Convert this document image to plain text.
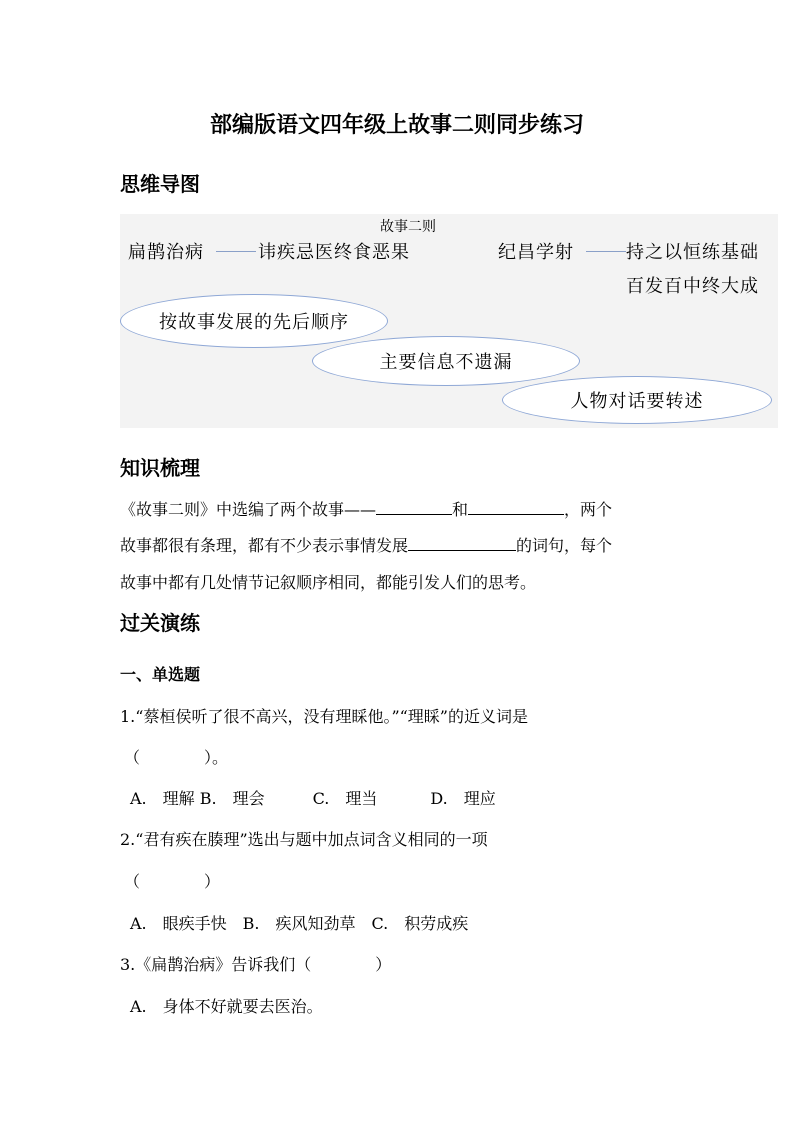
部编版语文四年级上故事二则同步练习
思维导图
故事二则
扁鹊治病	讳疾忌医终食恶果	纪昌学射	持之以恒练基础
百发百中终大成
按故事发展的先后顺序
主要信息不遗漏
人物对话要转述
知识梳理
《故事二则》中选编了两个故事——	和	，两个
故事都很有条理，都有不少表示事情发展	的词句，每个
故事中都有几处情节记叙顺序相同，都能引发人们的思考。
过关演练
一、单选题
1.“蔡桓侯听了很不高兴，没有理睬他。”“理睬”的近义词是
（　　　　）。
A.　理解 B.　理会　　　C.　理当　　　 D.　理应
2.“君有疾在腠理”选出与题中加点词含义相同的一项
（　　　　）
A.　眼疾手快　B.　疾风知劲草　C.　积劳成疾
3.《扁鹊治病》告诉我们（　　　　）
A.　身体不好就要去医治。
